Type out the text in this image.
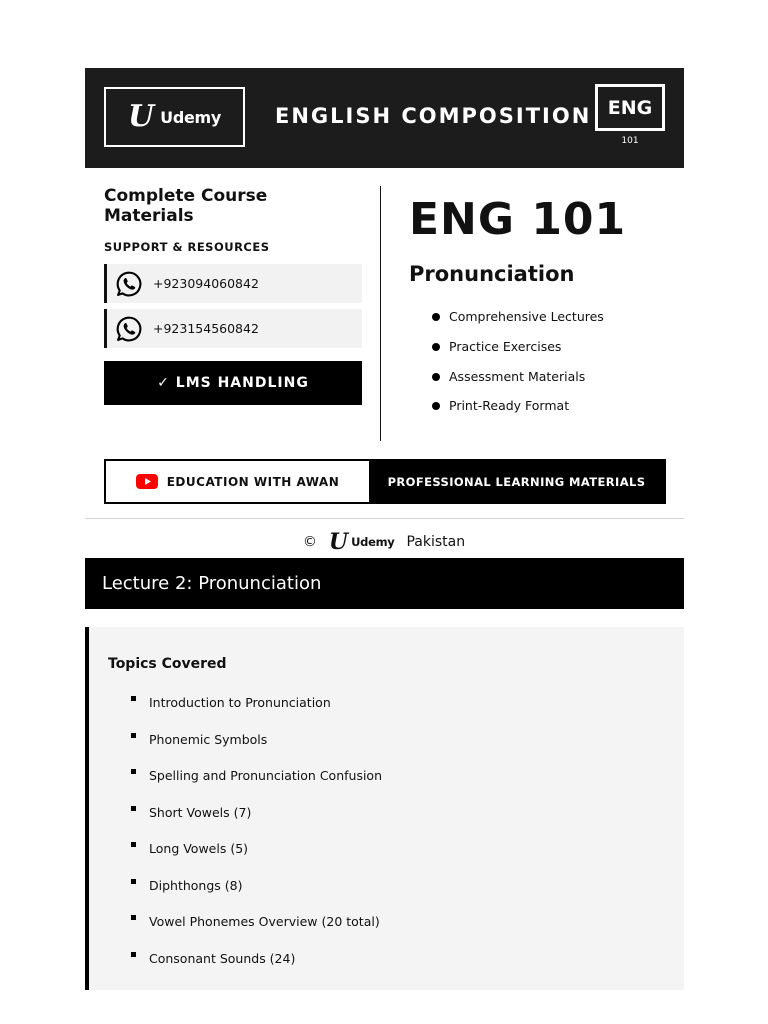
U Udemy	ENGLISH COMPOSITION ENG
101
Complete Course Materials
SUPPORT & RESOURCES
+923094060842
+923154560842
✓ LMS HANDLING
ENG 101
Pronunciation
Comprehensive Lectures
Practice Exercises
Assessment Materials
Print-Ready Format
EDUCATION WITH AWAN	PROFESSIONAL LEARNING MATERIALS
© U Udemy Pakistan
Lecture 2: Pronunciation
Topics Covered
Introduction to Pronunciation
Phonemic Symbols
Spelling and Pronunciation Confusion
Short Vowels (7)
Long Vowels (5)
Diphthongs (8)
Vowel Phonemes Overview (20 total)
Consonant Sounds (24)
